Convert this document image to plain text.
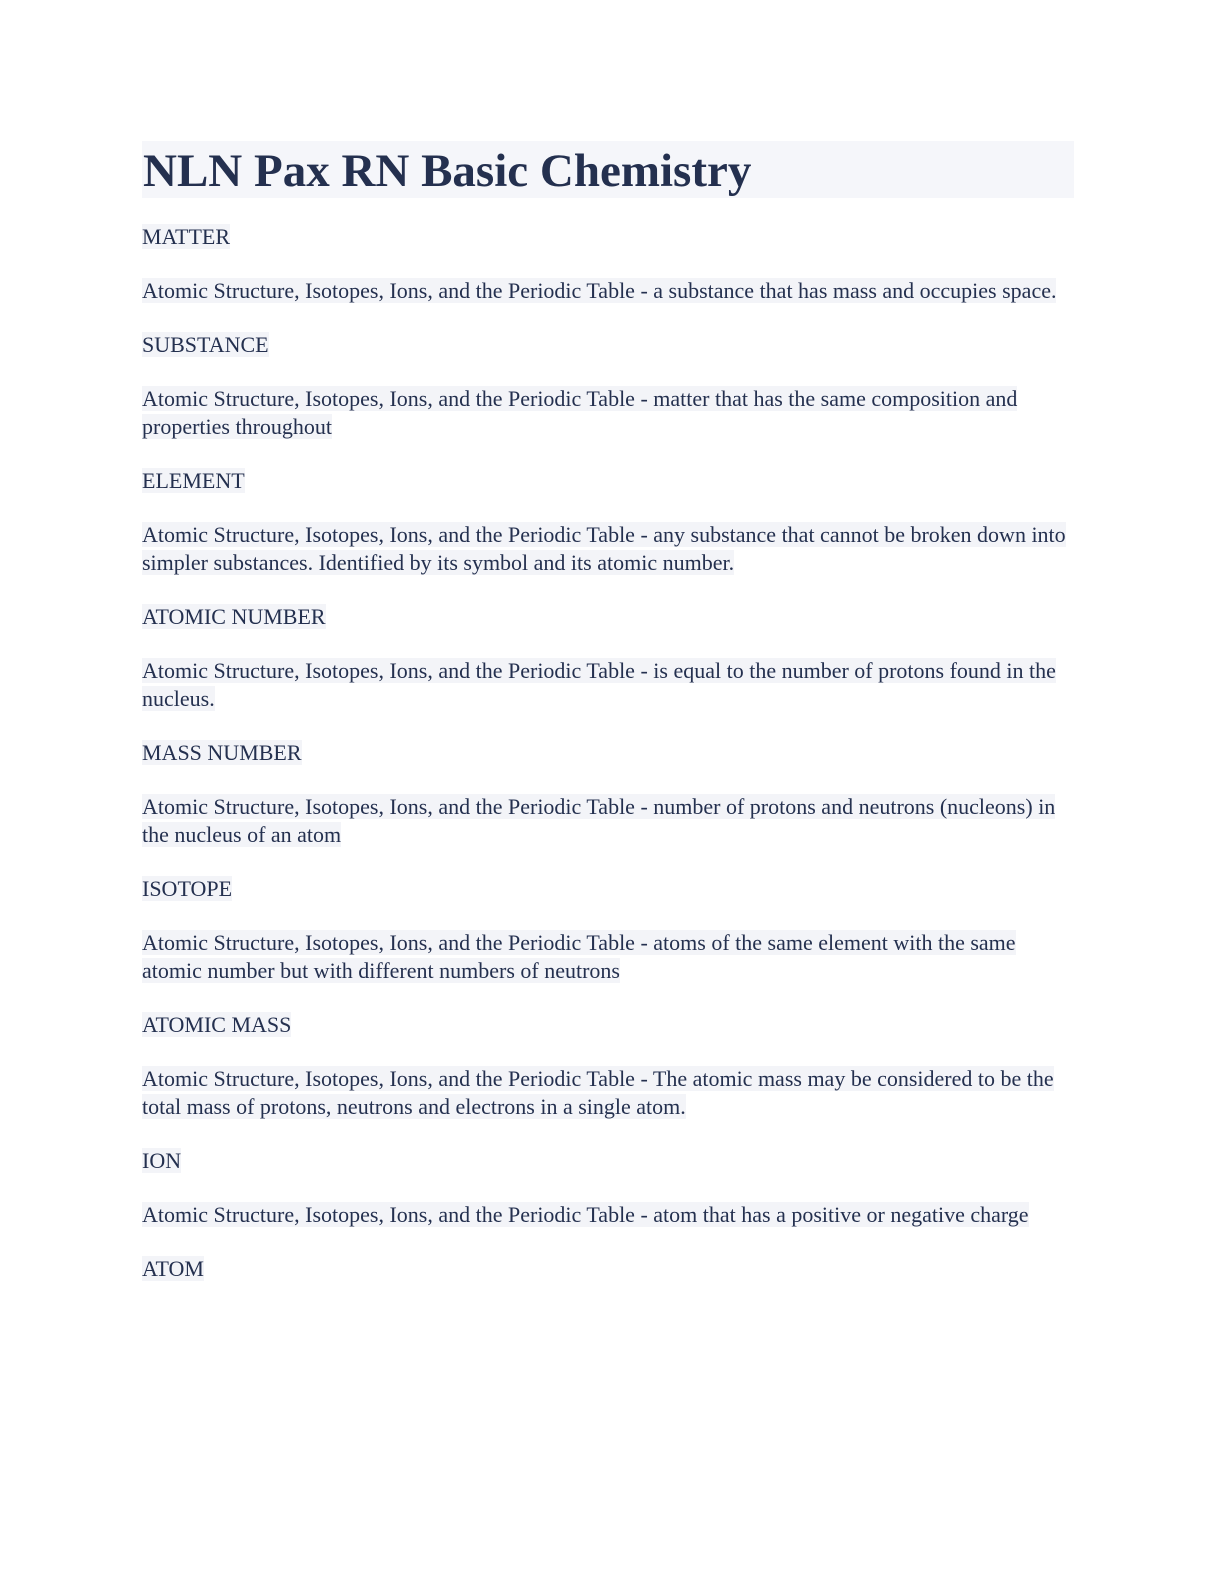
NLN Pax RN Basic Chemistry

MATTER

Atomic Structure, Isotopes, Ions, and the Periodic Table - a substance that has mass and occupies space.

SUBSTANCE

Atomic Structure, Isotopes, Ions, and the Periodic Table - matter that has the same composition and properties throughout

ELEMENT

Atomic Structure, Isotopes, Ions, and the Periodic Table - any substance that cannot be broken down into simpler substances. Identified by its symbol and its atomic number.

ATOMIC NUMBER

Atomic Structure, Isotopes, Ions, and the Periodic Table - is equal to the number of protons found in the nucleus.

MASS NUMBER

Atomic Structure, Isotopes, Ions, and the Periodic Table - number of protons and neutrons (nucleons) in the nucleus of an atom

ISOTOPE

Atomic Structure, Isotopes, Ions, and the Periodic Table - atoms of the same element with the same atomic number but with different numbers of neutrons

ATOMIC MASS

Atomic Structure, Isotopes, Ions, and the Periodic Table - The atomic mass may be considered to be the total mass of protons, neutrons and electrons in a single atom.

ION

Atomic Structure, Isotopes, Ions, and the Periodic Table - atom that has a positive or negative charge

ATOM
